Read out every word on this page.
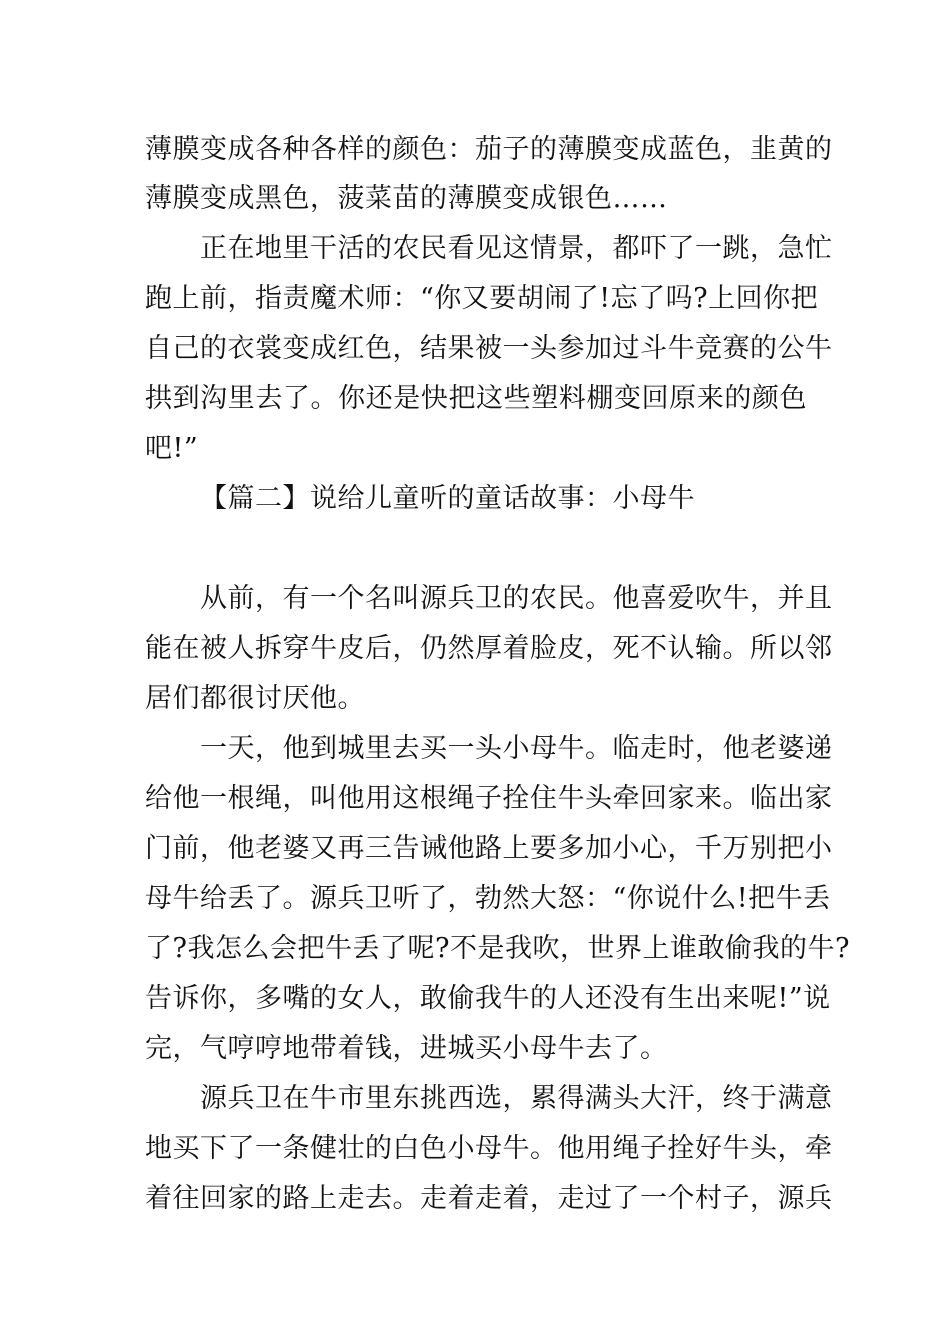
薄膜变成各种各样的颜色：茄子的薄膜变成蓝色，韭黄的
薄膜变成黑色，菠菜苗的薄膜变成银色……
正在地里干活的农民看见这情景，都吓了一跳，急忙
跑上前，指责魔术师：“你又要胡闹了!忘了吗?上回你把
自己的衣裳变成红色，结果被一头参加过斗牛竞赛的公牛
拱到沟里去了。你还是快把这些塑料棚变回原来的颜色
吧!”
【篇二】说给儿童听的童话故事：小母牛
从前，有一个名叫源兵卫的农民。他喜爱吹牛，并且
能在被人拆穿牛皮后，仍然厚着脸皮，死不认输。所以邻
居们都很讨厌他。
一天，他到城里去买一头小母牛。临走时，他老婆递
给他一根绳，叫他用这根绳子拴住牛头牵回家来。临出家
门前，他老婆又再三告诫他路上要多加小心，千万别把小
母牛给丢了。源兵卫听了，勃然大怒：“你说什么!把牛丢
了?我怎么会把牛丢了呢?不是我吹，世界上谁敢偷我的牛?
告诉你，多嘴的女人，敢偷我牛的人还没有生出来呢!”说
完，气哼哼地带着钱，进城买小母牛去了。
源兵卫在牛市里东挑西选，累得满头大汗，终于满意
地买下了一条健壮的白色小母牛。他用绳子拴好牛头，牵
着往回家的路上走去。走着走着，走过了一个村子，源兵
